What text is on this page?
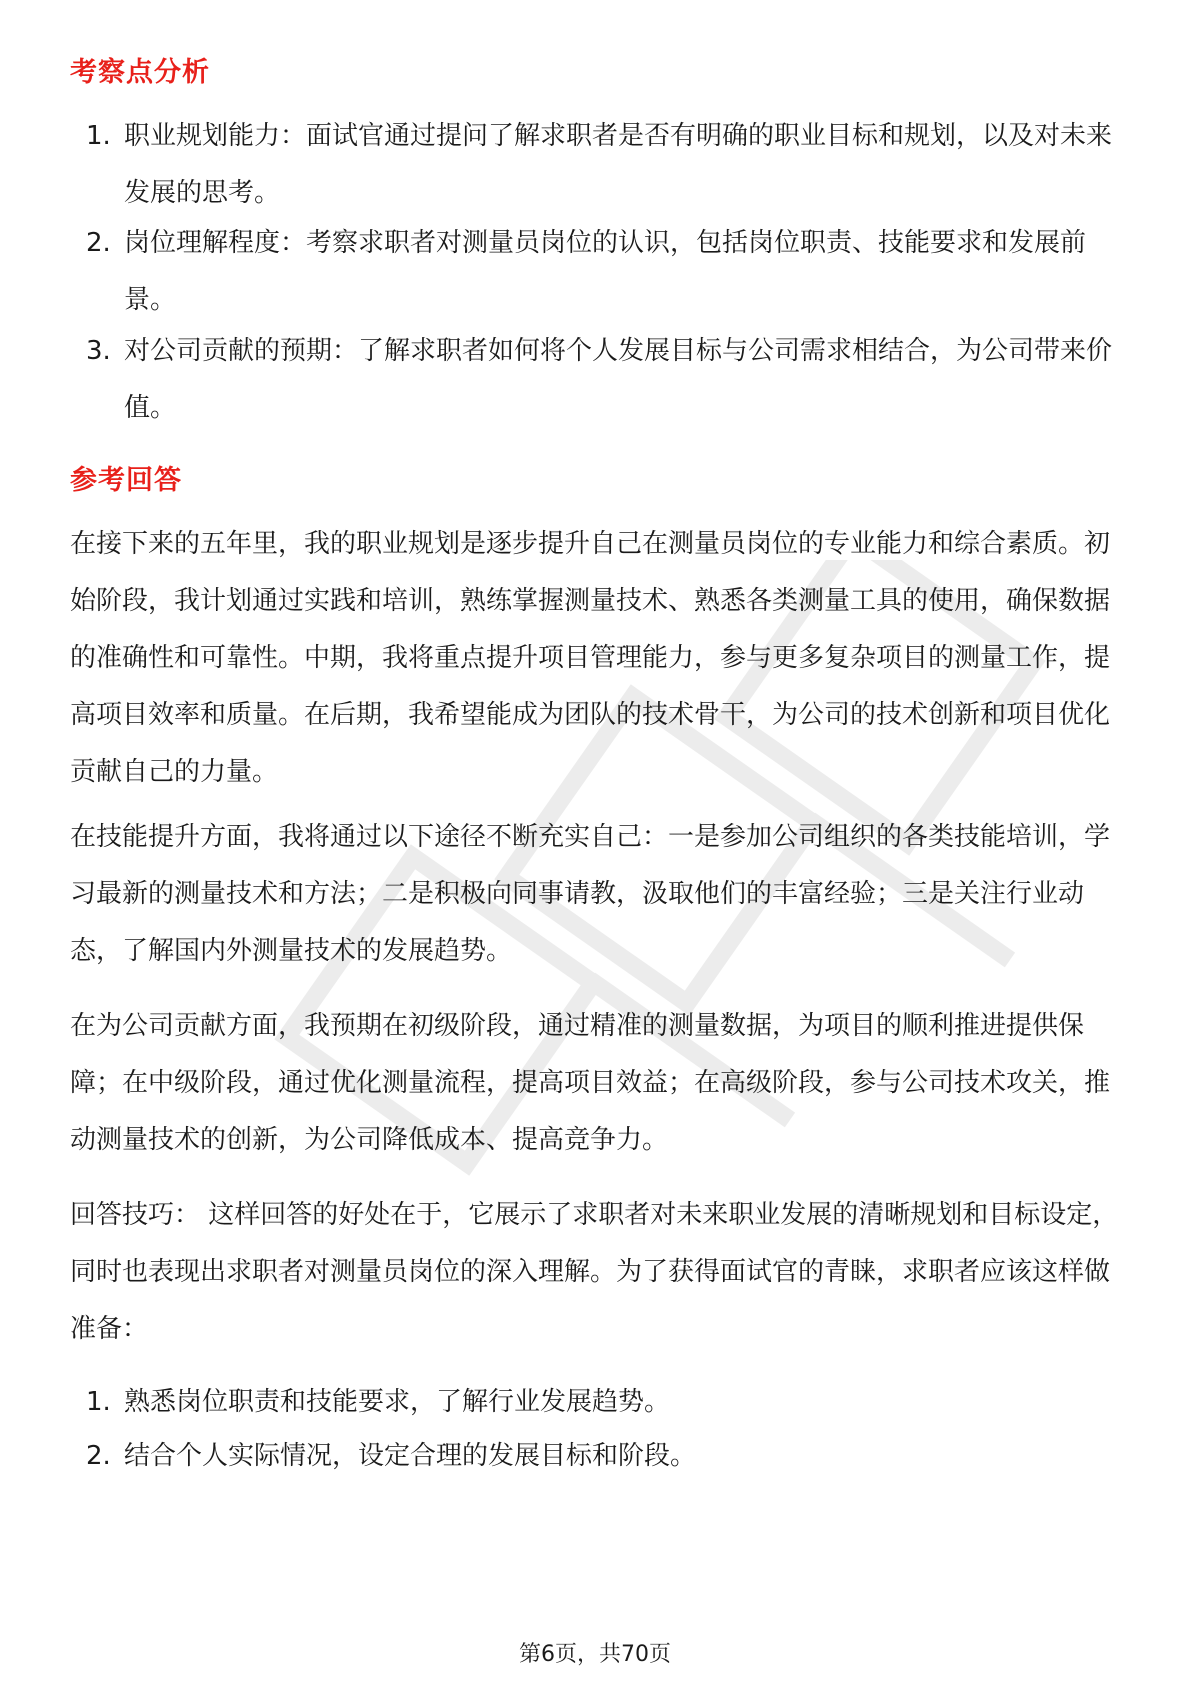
考察点分析
1. 职业规划能力：面试官通过提问了解求职者是否有明确的职业目标和规划，以及对未来发展的思考。
2. 岗位理解程度：考察求职者对测量员岗位的认识，包括岗位职责、技能要求和发展前景。
3. 对公司贡献的预期：了解求职者如何将个人发展目标与公司需求相结合，为公司带来价值。
参考回答
在接下来的五年里，我的职业规划是逐步提升自己在测量员岗位的专业能力和综合素质。初始阶段，我计划通过实践和培训，熟练掌握测量技术、熟悉各类测量工具的使用，确保数据的准确性和可靠性。中期，我将重点提升项目管理能力，参与更多复杂项目的测量工作，提高项目效率和质量。在后期，我希望能成为团队的技术骨干，为公司的技术创新和项目优化贡献自己的力量。
在技能提升方面，我将通过以下途径不断充实自己：一是参加公司组织的各类技能培训，学习最新的测量技术和方法；二是积极向同事请教，汲取他们的丰富经验；三是关注行业动态，了解国内外测量技术的发展趋势。
在为公司贡献方面，我预期在初级阶段，通过精准的测量数据，为项目的顺利推进提供保障；在中级阶段，通过优化测量流程，提高项目效益；在高级阶段，参与公司技术攻关，推动测量技术的创新，为公司降低成本、提高竞争力。
回答技巧： 这样回答的好处在于，它展示了求职者对未来职业发展的清晰规划和目标设定，同时也表现出求职者对测量员岗位的深入理解。为了获得面试官的青睐，求职者应该这样做准备：
1. 熟悉岗位职责和技能要求，了解行业发展趋势。
2. 结合个人实际情况，设定合理的发展目标和阶段。
第6页，共70页
